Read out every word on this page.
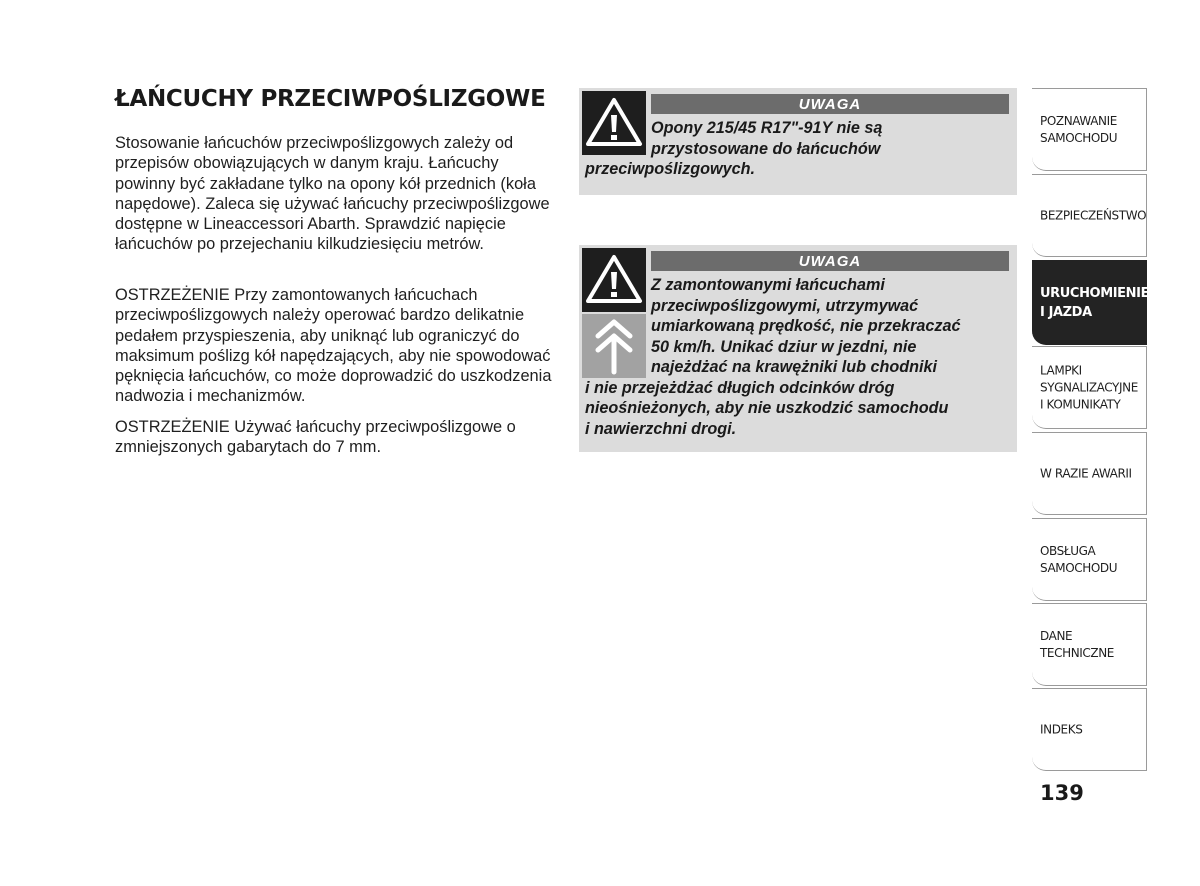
ŁAŃCUCHY PRZECIWPOŚLIZGOWE

Stosowanie łańcuchów przeciwpoślizgowych zależy od przepisów obowiązujących w danym kraju. Łańcuchy powinny być zakładane tylko na opony kół przednich (koła napędowe). Zaleca się używać łańcuchy przeciwpoślizgowe dostępne w Lineaccessori Abarth. Sprawdzić napięcie łańcuchów po przejechaniu kilkudziesięciu metrów.

OSTRZEŻENIE Przy zamontowanych łańcuchach przeciwpoślizgowych należy operować bardzo delikatnie pedałem przyspieszenia, aby uniknąć lub ograniczyć do maksimum poślizg kół napędzających, aby nie spowodować pęknięcia łańcuchów, co może doprowadzić do uszkodzenia nadwozia i mechanizmów.

OSTRZEŻENIE Używać łańcuchy przeciwpoślizgowe o zmniejszonych gabarytach do 7 mm.

UWAGA

Opony 215/45 R17"-91Y nie są
przystosowane do łańcuchów
przeciwpoślizgowych.

UWAGA

Z zamontowanymi łańcuchami
przeciwpoślizgowymi, utrzymywać
umiarkowaną prędkość, nie przekraczać
50 km/h. Unikać dziur w jezdni, nie
najeżdżać na krawężniki lub chodniki
i nie przejeżdżać długich odcinków dróg
nieośnieżonych, aby nie uszkodzić samochodu
i nawierzchni drogi.

POZNAWANIE
SAMOCHODU
BEZPIECZEŃSTWO
URUCHOMIENIE
I JAZDA
LAMPKI
SYGNALIZACYJNE
I KOMUNIKATY
W RAZIE AWARII
OBSŁUGA
SAMOCHODU
DANE
TECHNICZNE
INDEKS
139
